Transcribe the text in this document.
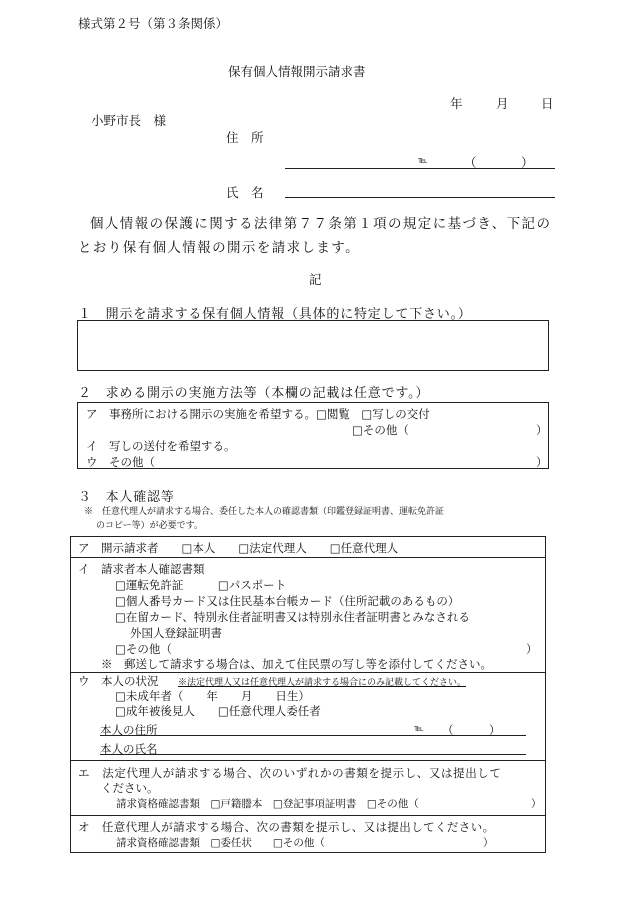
様式第２号（第３条関係）
保有個人情報開示請求書
年	月	日
小野市長　様
住　所
℡	（　）
氏　名
個人情報の保護に関する法律第７７条第１項の規定に基づき、下記の
とおり保有個人情報の開示を請求します。
記
１　開示を請求する保有個人情報（具体的に特定して下さい。）
２　求める開示の実施方法等（本欄の記載は任意です。）
ア　事務所における開示の実施を希望する。□閲覧　□写しの交付
□その他（	）
イ　写しの送付を希望する。
ウ　その他（	）
３　本人確認等
※　任意代理人が請求する場合、委任した本人の確認書類（印鑑登録証明書、運転免許証
のコピー等）が必要です。
ア　開示請求者　　□本人　　□法定代理人　　□任意代理人
イ　請求者本人確認書類
□運転免許証　　　□パスポート
□個人番号カード又は住民基本台帳カード（住所記載のあるもの）
□在留カード、特別永住者証明書又は特別永住者証明書とみなされる
外国人登録証明書
□その他（	）
※　郵送して請求する場合は、加えて住民票の写し等を添付してください。
ウ　本人の状況 ※法定代理人又は任意代理人が請求する場合にのみ記載してください。
□未成年者（　　年　　月　　日生）
□成年被後見人　　□任意代理人委任者
本人の住所	℡ （　）
本人の氏名
エ　法定代理人が請求する場合、次のいずれかの書類を提示し、又は提出して
ください。
請求資格確認書類　□戸籍謄本　□登記事項証明書　□その他（	）
オ　任意代理人が請求する場合、次の書類を提示し、又は提出してください。
請求資格確認書類　□委任状　　□その他（	）
